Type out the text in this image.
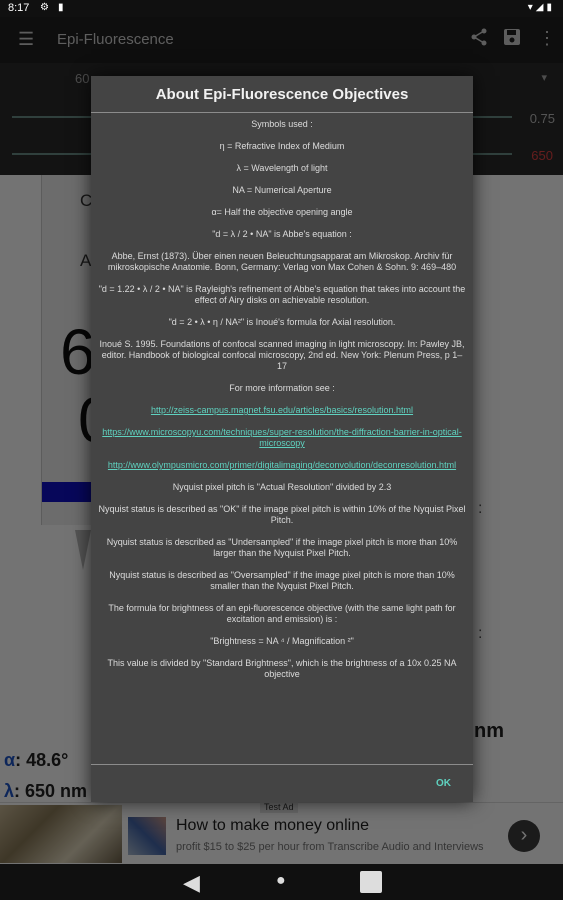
8:17 ⚙ ▮	▾◢▮
◀	●
About Epi-Fluorescence Objectives

Symbols used :

η = Refractive Index of Medium

λ = Wavelength of light

NA = Numerical Aperture

α= Half the objective opening angle

"d = λ / 2 • NA" is Abbe's equation :

Abbe, Ernst (1873). Über einen neuen Beleuchtungsapparat am Mikroskop. Archiv für mikroskopische Anatomie. Bonn, Germany: Verlag von Max Cohen & Sohn. 9: 469–480

"d = 1.22 • λ / 2 • NA" is Rayleigh's refinement of Abbe's equation that takes into account the effect of Airy disks on achievable resolution.

"d = 2 • λ • η / NA²" is Inoué's formula for Axial resolution.

Inoué S. 1995. Foundations of confocal scanned imaging in light microscopy. In: Pawley JB, editor. Handbook of biological confocal microscopy, 2nd ed. New York: Plenum Press, p 1–17

For more information see :

http://zeiss-campus.magnet.fsu.edu/articles/basics/resolution.html
https://www.microscopyu.com/techniques/super-resolution/the-diffraction-barrier-in-optical-microscopy
http://www.olympusmicro.com/primer/digitalimaging/deconvolution/deconresolution.html

Nyquist pixel pitch is "Actual Resolution" divided by 2.3

Nyquist status is described as "OK" if the image pixel pitch is within 10% of the Nyquist Pixel Pitch.

Nyquist status is described as "Undersampled" if the image pixel pitch is more than 10% larger than the Nyquist Pixel Pitch.

Nyquist status is described as "Oversampled" if the image pixel pitch is more than 10% smaller than the Nyquist Pixel Pitch.

The formula for brightness of an epi-fluorescence objective (with the same light path for excitation and emission) is :

"Brightness = NA ⁴ / Magnification ²"

This value is divided by "Standard Brightness", which is the brightness of a 10x 0.25 NA objective

OK
